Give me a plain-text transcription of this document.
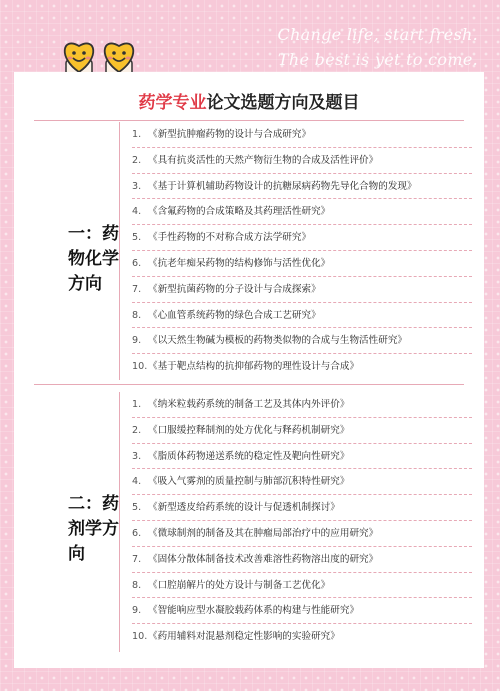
Change life, start fresh.
The best is yet to come.
药学专业论文选题方向及题目
一：药物化学方向
1. 《新型抗肿瘤药物的设计与合成研究》
2. 《具有抗炎活性的天然产物衍生物的合成及活性评价》
3. 《基于计算机辅助药物设计的抗糖尿病药物先导化合物的发现》
4. 《含氟药物的合成策略及其药理活性研究》
5. 《手性药物的不对称合成方法学研究》
6. 《抗老年痴呆药物的结构修饰与活性优化》
7. 《新型抗菌药物的分子设计与合成探索》
8. 《心血管系统药物的绿色合成工艺研究》
9. 《以天然生物碱为模板的药物类似物的合成与生物活性研究》
10.《基于靶点结构的抗抑郁药物的理性设计与合成》
二：药剂学方向
1. 《纳米粒载药系统的制备工艺及其体内外评价》
2. 《口服缓控释制剂的处方优化与释药机制研究》
3. 《脂质体药物递送系统的稳定性及靶向性研究》
4. 《吸入气雾剂的质量控制与肺部沉积特性研究》
5. 《新型透皮给药系统的设计与促透机制探讨》
6. 《微球制剂的制备及其在肿瘤局部治疗中的应用研究》
7. 《固体分散体制备技术改善难溶性药物溶出度的研究》
8. 《口腔崩解片的处方设计与制备工艺优化》
9. 《智能响应型水凝胶载药体系的构建与性能研究》
10.《药用辅料对混悬剂稳定性影响的实验研究》
